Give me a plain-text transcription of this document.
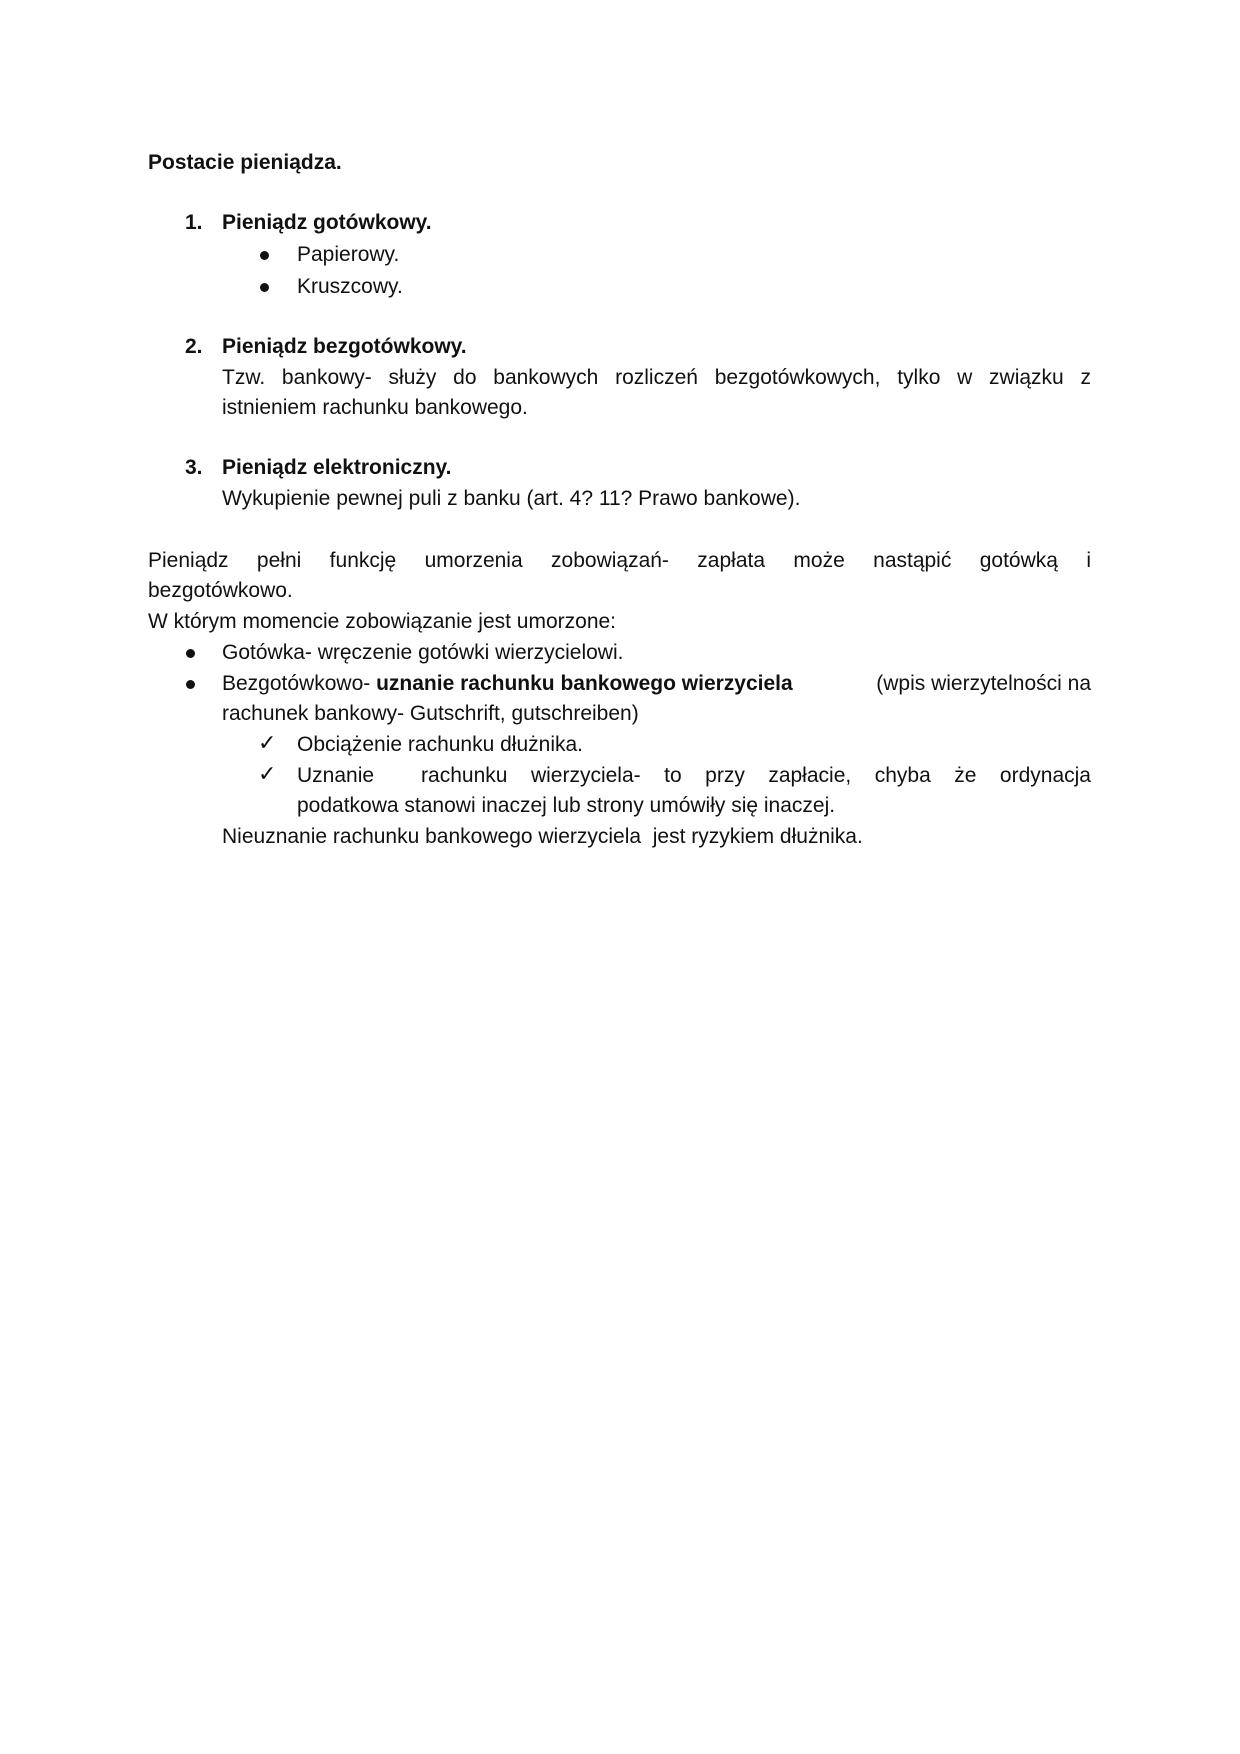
Postacie pieniądza.
1. Pieniądz gotówkowy.
Papierowy.
Kruszcowy.
2. Pieniądz bezgotówkowy.
Tzw. bankowy- służy do bankowych rozliczeń bezgotówkowych, tylko w związku z
istnieniem rachunku bankowego.
3. Pieniądz elektroniczny.
Wykupienie pewnej puli z banku (art. 4? 11? Prawo bankowe).
Pieniądz pełni funkcję umorzenia zobowiązań- zapłata może nastąpić gotówką i
bezgotówkowo.
W którym momencie zobowiązanie jest umorzone:
Gotówka- wręczenie gotówki wierzycielowi.
Bezgotówkowo- uznanie rachunku bankowego wierzyciela	(wpis wierzytelności na
rachunek bankowy- Gutschrift, gutschreiben)
✓ Obciążenie rachunku dłużnika.
✓ Uznanie  rachunku wierzyciela- to przy zapłacie, chyba że ordynacja
podatkowa stanowi inaczej lub strony umówiły się inaczej.
Nieuznanie rachunku bankowego wierzyciela  jest ryzykiem dłużnika.
